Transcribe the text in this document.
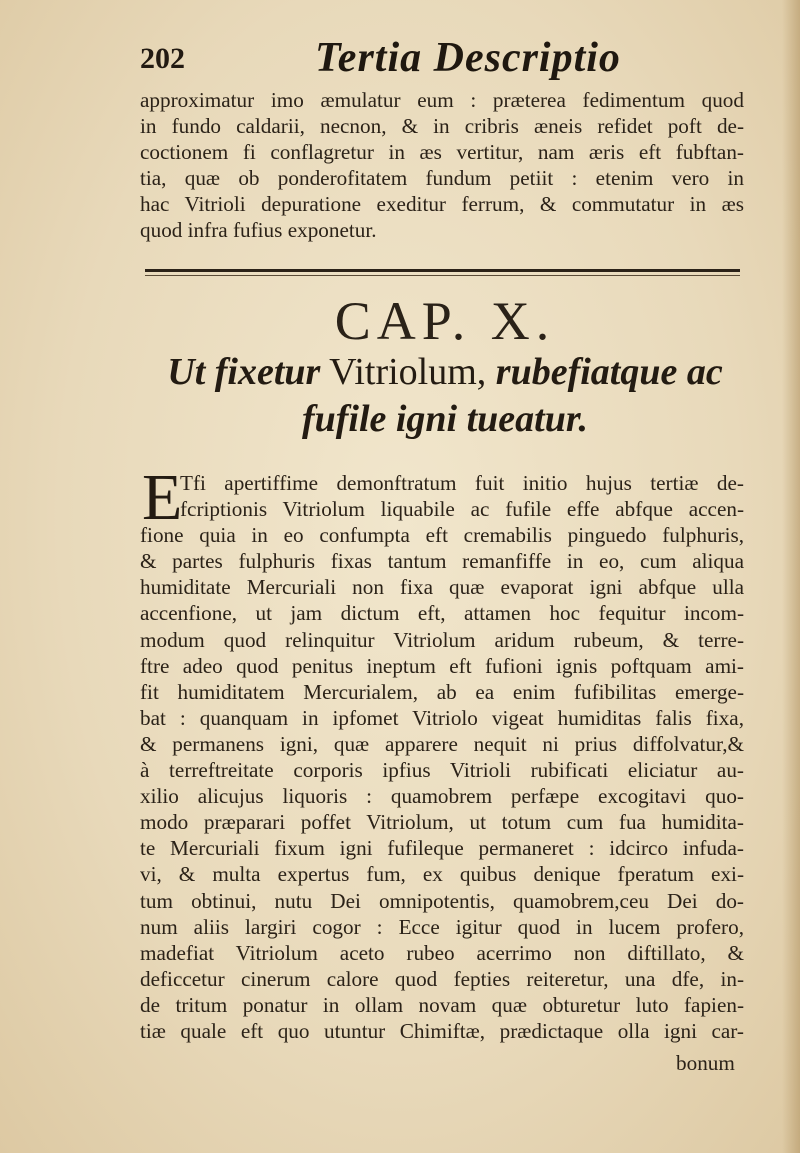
202	Tertia Descriptio
approximatur imo æmulatur eum : præterea fedimentum quod
in fundo caldarii, necnon, & in cribris æneis refidet poft de-
coctionem fi conflagretur in æs vertitur, nam æris eft fubftan-
tia, quæ ob ponderofitatem fundum petiit : etenim vero in
hac Vitrioli depuratione exeditur ferrum, & commutatur in æs
quod infra fufius exponetur.
CAP. X.
Ut fixetur Vitriolum, rubefiatque ac
fufile igni tueatur.
E
Tfi apertiffime demonftratum fuit initio hujus tertiæ de-
fcriptionis Vitriolum liquabile ac fufile effe abfque accen-
fione quia in eo confumpta eft cremabilis pinguedo fulphuris,
& partes fulphuris fixas tantum remanfiffe in eo, cum aliqua
humiditate Mercuriali non fixa quæ evaporat igni abfque ulla
accenfione, ut jam dictum eft, attamen hoc fequitur incom-
modum quod relinquitur Vitriolum aridum rubeum, & terre-
ftre adeo quod penitus ineptum eft fufioni ignis poftquam ami-
fit humiditatem Mercurialem, ab ea enim fufibilitas emerge-
bat : quanquam in ipfomet Vitriolo vigeat humiditas falis fixa,
& permanens igni, quæ apparere nequit ni prius diffolvatur,&
à terreftreitate corporis ipfius Vitrioli rubificati eliciatur au-
xilio alicujus liquoris : quamobrem perfæpe excogitavi quo-
modo præparari poffet Vitriolum, ut totum cum fua humidita-
te Mercuriali fixum igni fufileque permaneret : idcirco infuda-
vi, & multa expertus fum, ex quibus denique fperatum exi-
tum obtinui, nutu Dei omnipotentis, quamobrem,ceu Dei do-
num aliis largiri cogor : Ecce igitur quod in lucem profero,
madefiat Vitriolum aceto rubeo acerrimo non diftillato, &
deficcetur cinerum calore quod fepties reiteretur, una dfe, in-
de tritum ponatur in ollam novam quæ obturetur luto fapien-
tiæ quale eft quo utuntur Chimiftæ, prædictaque olla igni car-
bonum
